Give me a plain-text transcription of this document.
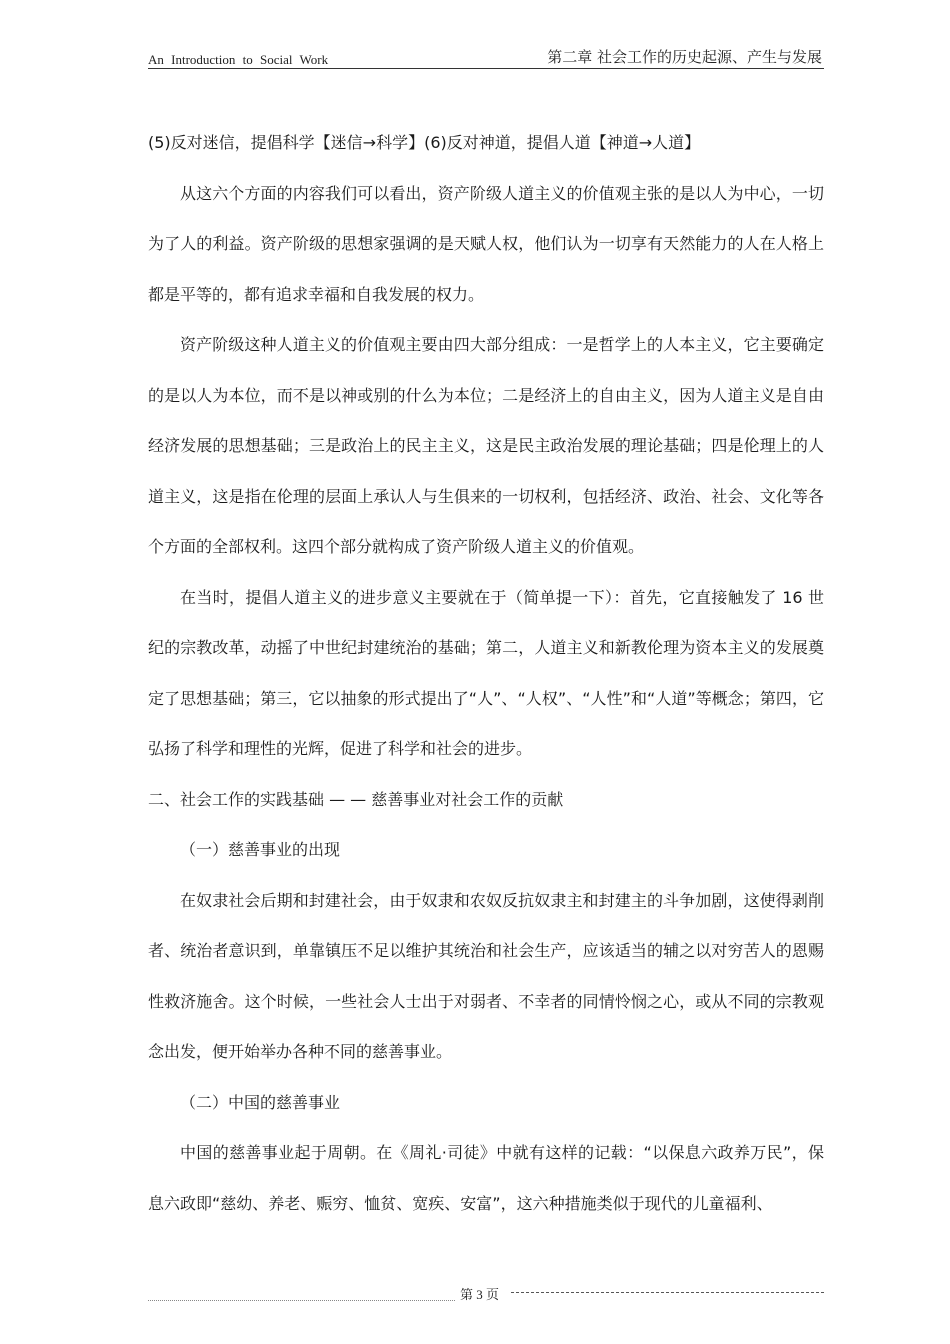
An Introduction to Social Work	第二章 社会工作的历史起源、产生与发展

(5)反对迷信，提倡科学【迷信→科学】(6)反对神道，提倡人道【神道→人道】

从这六个方面的内容我们可以看出，资产阶级人道主义的价值观主张的是以人为中心，一切为了人的利益。资产阶级的思想家强调的是天赋人权，他们认为一切享有天然能力的人在人格上都是平等的，都有追求幸福和自我发展的权力。

资产阶级这种人道主义的价值观主要由四大部分组成：一是哲学上的人本主义，它主要确定的是以人为本位，而不是以神或别的什么为本位；二是经济上的自由主义，因为人道主义是自由经济发展的思想基础；三是政治上的民主主义，这是民主政治发展的理论基础；四是伦理上的人道主义，这是指在伦理的层面上承认人与生俱来的一切权利，包括经济、政治、社会、文化等各个方面的全部权利。这四个部分就构成了资产阶级人道主义的价值观。

在当时，提倡人道主义的进步意义主要就在于（简单提一下）：首先，它直接触发了 16 世纪的宗教改革，动摇了中世纪封建统治的基础；第二，人道主义和新教伦理为资本主义的发展奠定了思想基础；第三，它以抽象的形式提出了“人”、“人权”、“人性”和“人道”等概念；第四，它弘扬了科学和理性的光辉，促进了科学和社会的进步。

二、社会工作的实践基础 — — 慈善事业对社会工作的贡献

（一）慈善事业的出现

在奴隶社会后期和封建社会，由于奴隶和农奴反抗奴隶主和封建主的斗争加剧，这使得剥削者、统治者意识到，单靠镇压不足以维护其统治和社会生产，应该适当的辅之以对穷苦人的恩赐性救济施舍。这个时候，一些社会人士出于对弱者、不幸者的同情怜悯之心，或从不同的宗教观念出发，便开始举办各种不同的慈善事业。

（二）中国的慈善事业

中国的慈善事业起于周朝。在《周礼·司徒》中就有这样的记载：“以保息六政养万民”，保息六政即“慈幼、养老、赈穷、恤贫、宽疾、安富”，这六种措施类似于现代的儿童福利、

第 3 页
